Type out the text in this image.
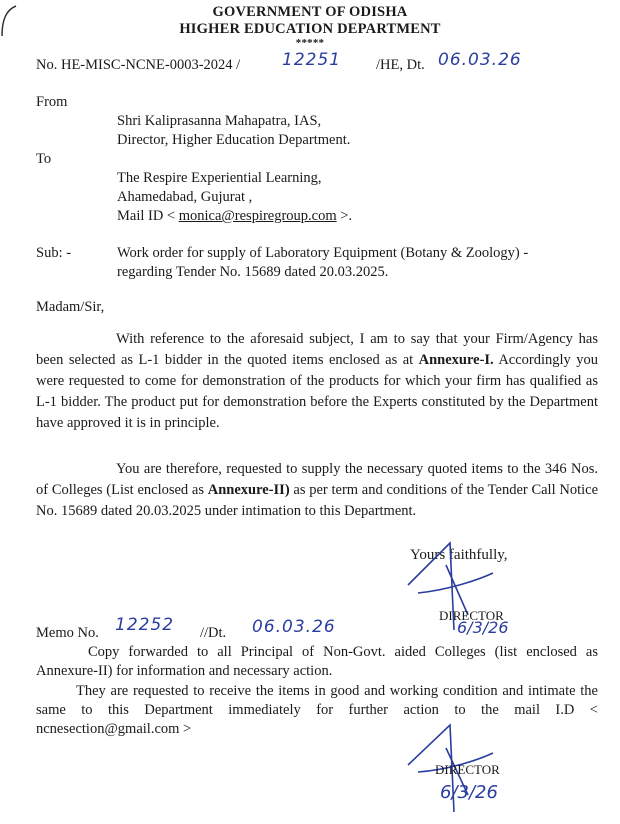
GOVERNMENT OF ODISHA
HIGHER EDUCATION DEPARTMENT
*****
No. HE-MISC-NCNE-0003-2024 / 12251 /HE, Dt. 06.03.26
From
Shri Kaliprasanna Mahapatra, IAS,
Director, Higher Education Department.
To
The Respire Experiential Learning,
Ahamedabad, Gujurat ,
Mail ID < monica@respiregroup.com >.
Sub: -	Work order for supply of Laboratory Equipment (Botany & Zoology) -
regarding Tender No. 15689 dated 20.03.2025.
Madam/Sir,
With reference to the aforesaid subject, I am to say that your Firm/Agency has been selected as L-1 bidder in the quoted items enclosed as at Annexure-I. Accordingly you were requested to come for demonstration of the products for which your firm has qualified as L-1 bidder. The product put for demonstration before the Experts constituted by the Department have approved it is in principle.
You are therefore, requested to supply the necessary quoted items to the 346 Nos. of Colleges (List enclosed as Annexure-II) as per term and conditions of the Tender Call Notice No. 15689 dated 20.03.2025 under intimation to this Department.
Yours faithfully,
DIRECTOR
6/3/26
Memo No. 12252 //Dt. 06.03.26
Copy forwarded to all Principal of Non-Govt. aided Colleges (list enclosed as Annexure-II) for information and necessary action.
They are requested to receive the items in good and working condition and intimate the same to this Department immediately for further action to the mail I.D < ncnesection@gmail.com >
DIRECTOR
6/3/26
